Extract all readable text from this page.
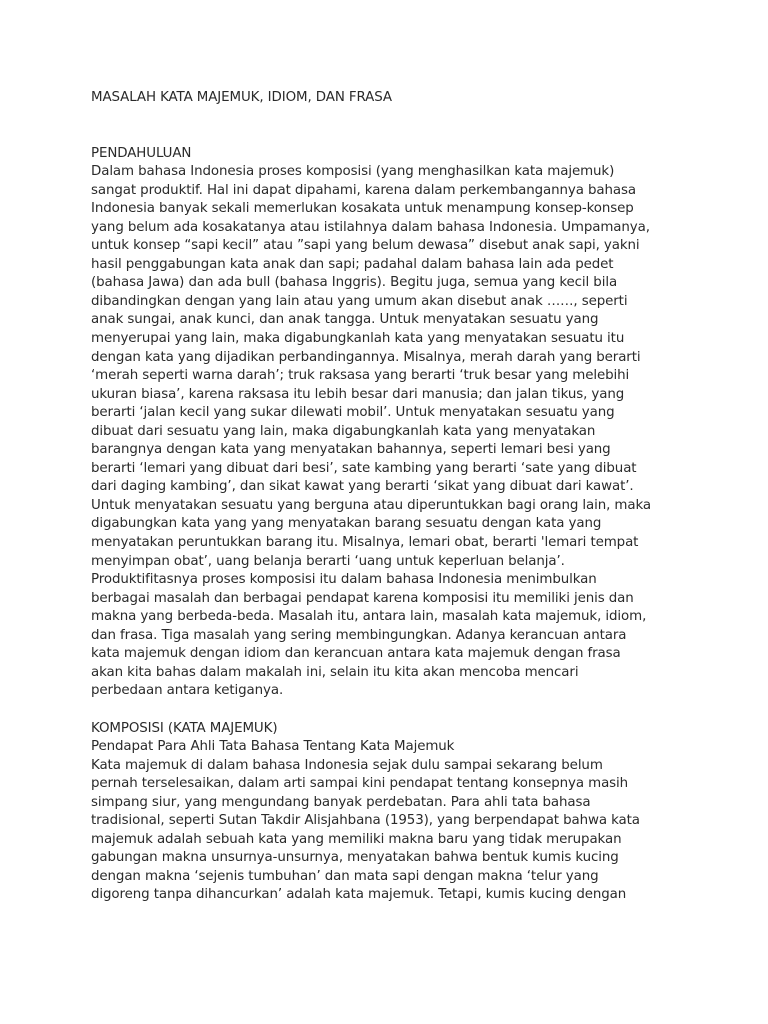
MASALAH KATA MAJEMUK, IDIOM, DAN FRASA
PENDAHULUAN

Dalam bahasa Indonesia proses komposisi (yang menghasilkan kata majemuk)
sangat produktif. Hal ini dapat dipahami, karena dalam perkembangannya bahasa
Indonesia banyak sekali memerlukan kosakata untuk menampung konsep-konsep
yang belum ada kosakatanya atau istilahnya dalam bahasa Indonesia. Umpamanya,
untuk konsep “sapi kecil” atau ”sapi yang belum dewasa” disebut anak sapi, yakni
hasil penggabungan kata anak dan sapi; padahal dalam bahasa lain ada pedet
(bahasa Jawa) dan ada bull (bahasa Inggris). Begitu juga, semua yang kecil bila
dibandingkan dengan yang lain atau yang umum akan disebut anak ……, seperti
anak sungai, anak kunci, dan anak tangga. Untuk menyatakan sesuatu yang
menyerupai yang lain, maka digabungkanlah kata yang menyatakan sesuatu itu
dengan kata yang dijadikan perbandingannya. Misalnya, merah darah yang berarti
‘merah seperti warna darah’; truk raksasa yang berarti ‘truk besar yang melebihi
ukuran biasa’, karena raksasa itu lebih besar dari manusia; dan jalan tikus, yang
berarti ‘jalan kecil yang sukar dilewati mobil’. Untuk menyatakan sesuatu yang
dibuat dari sesuatu yang lain, maka digabungkanlah kata yang menyatakan
barangnya dengan kata yang menyatakan bahannya, seperti lemari besi yang
berarti ‘lemari yang dibuat dari besi’, sate kambing yang berarti ‘sate yang dibuat
dari daging kambing’, dan sikat kawat yang berarti ‘sikat yang dibuat dari kawat’.
Untuk menyatakan sesuatu yang berguna atau diperuntukkan bagi orang lain, maka
digabungkan kata yang yang menyatakan barang sesuatu dengan kata yang
menyatakan peruntukkan barang itu. Misalnya, lemari obat, berarti 'lemari tempat
menyimpan obat’, uang belanja berarti ‘uang untuk keperluan belanja’.
Produktifitasnya proses komposisi itu dalam bahasa Indonesia menimbulkan
berbagai masalah dan berbagai pendapat karena komposisi itu memiliki jenis dan
makna yang berbeda-beda. Masalah itu, antara lain, masalah kata majemuk, idiom,
dan frasa. Tiga masalah yang sering membingungkan. Adanya kerancuan antara
kata majemuk dengan idiom dan kerancuan antara kata majemuk dengan frasa
akan kita bahas dalam makalah ini, selain itu kita akan mencoba mencari
perbedaan antara ketiganya.

KOMPOSISI (KATA MAJEMUK)
Pendapat Para Ahli Tata Bahasa Tentang Kata Majemuk

Kata majemuk di dalam bahasa Indonesia sejak dulu sampai sekarang belum
pernah terselesaikan, dalam arti sampai kini pendapat tentang konsepnya masih
simpang siur, yang mengundang banyak perdebatan. Para ahli tata bahasa
tradisional, seperti Sutan Takdir Alisjahbana (1953), yang berpendapat bahwa kata
majemuk adalah sebuah kata yang memiliki makna baru yang tidak merupakan
gabungan makna unsurnya-unsurnya, menyatakan bahwa bentuk kumis kucing
dengan makna ‘sejenis tumbuhan’ dan mata sapi dengan makna ‘telur yang
digoreng tanpa dihancurkan’ adalah kata majemuk. Tetapi, kumis kucing dengan
